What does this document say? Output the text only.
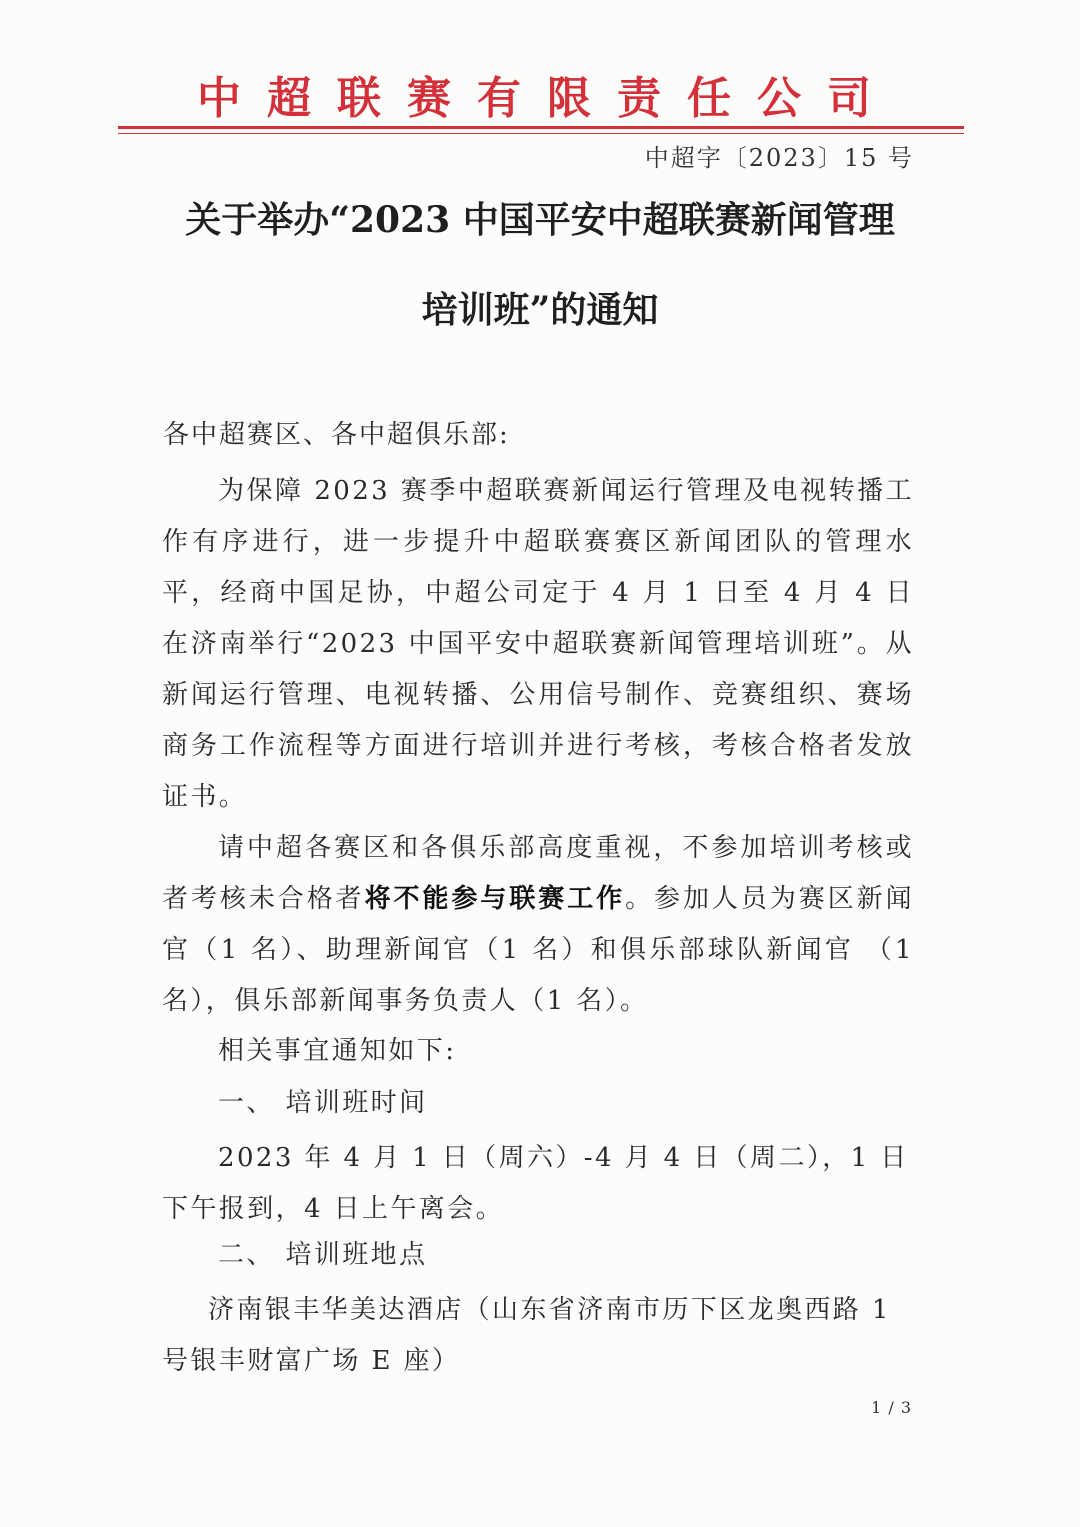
中超联赛有限责任公司
中超字〔2023〕15 号
关于举办“2023 中国平安中超联赛新闻管理
培训班”的通知
各中超赛区、各中超俱乐部:

为保障 2023 赛季中超联赛新闻运行管理及电视转播工作有序进行，进一步提升中超联赛赛区新闻团队的管理水平，经商中国足协，中超公司定于 4 月 1 日至 4 月 4 日在济南举行“2023 中国平安中超联赛新闻管理培训班”。从新闻运行管理、电视转播、公用信号制作、竞赛组织、赛场商务工作流程等方面进行培训并进行考核，考核合格者发放证书。

请中超各赛区和各俱乐部高度重视，不参加培训考核或者考核未合格者将不能参与联赛工作。参加人员为赛区新闻官（1 名）、助理新闻官（1 名）和俱乐部球队新闻官 （1 名），俱乐部新闻事务负责人（1 名）。

相关事宜通知如下:
一、 培训班时间

2023 年 4 月 1 日（周六）-4 月 4 日（周二），1 日下午报到，4 日上午离会。

二、 培训班地点

济南银丰华美达酒店（山东省济南市历下区龙奥西路 1 号银丰财富广场 E 座）

1 / 3
